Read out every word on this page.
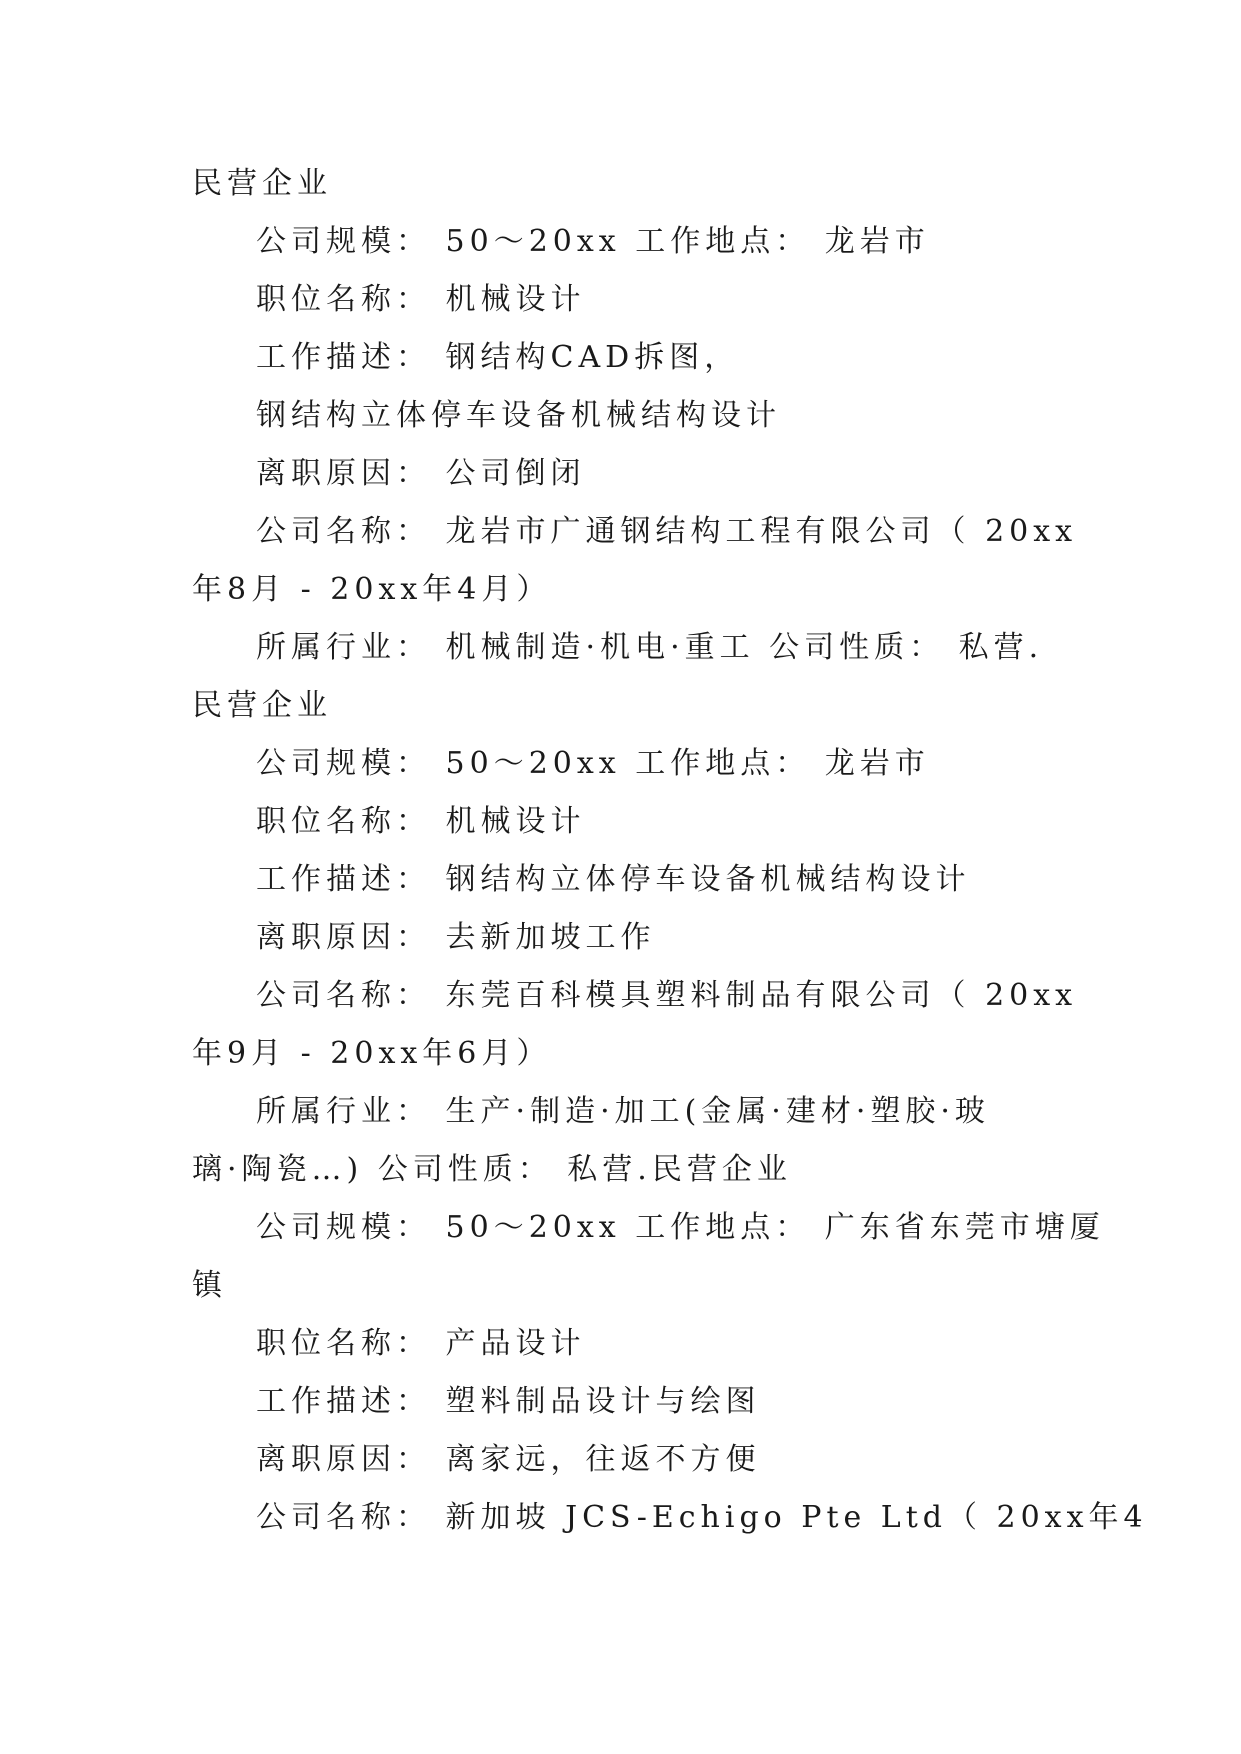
民营企业
公司规模： 50～20xx 工作地点： 龙岩市
职位名称： 机械设计
工作描述： 钢结构CAD拆图，
钢结构立体停车设备机械结构设计
离职原因： 公司倒闭
公司名称： 龙岩市广通钢结构工程有限公司（ 20xx
年8月 - 20xx年4月）
所属行业： 机械制造·机电·重工 公司性质： 私营.
民营企业
公司规模： 50～20xx 工作地点： 龙岩市
职位名称： 机械设计
工作描述： 钢结构立体停车设备机械结构设计
离职原因： 去新加坡工作
公司名称： 东莞百科模具塑料制品有限公司（ 20xx
年9月 - 20xx年6月）
所属行业： 生产·制造·加工(金属·建材·塑胶·玻
璃·陶瓷…) 公司性质： 私营.民营企业
公司规模： 50～20xx 工作地点： 广东省东莞市塘厦
镇
职位名称： 产品设计
工作描述： 塑料制品设计与绘图
离职原因： 离家远，往返不方便
公司名称： 新加坡 JCS-Echigo Pte Ltd（ 20xx年4
